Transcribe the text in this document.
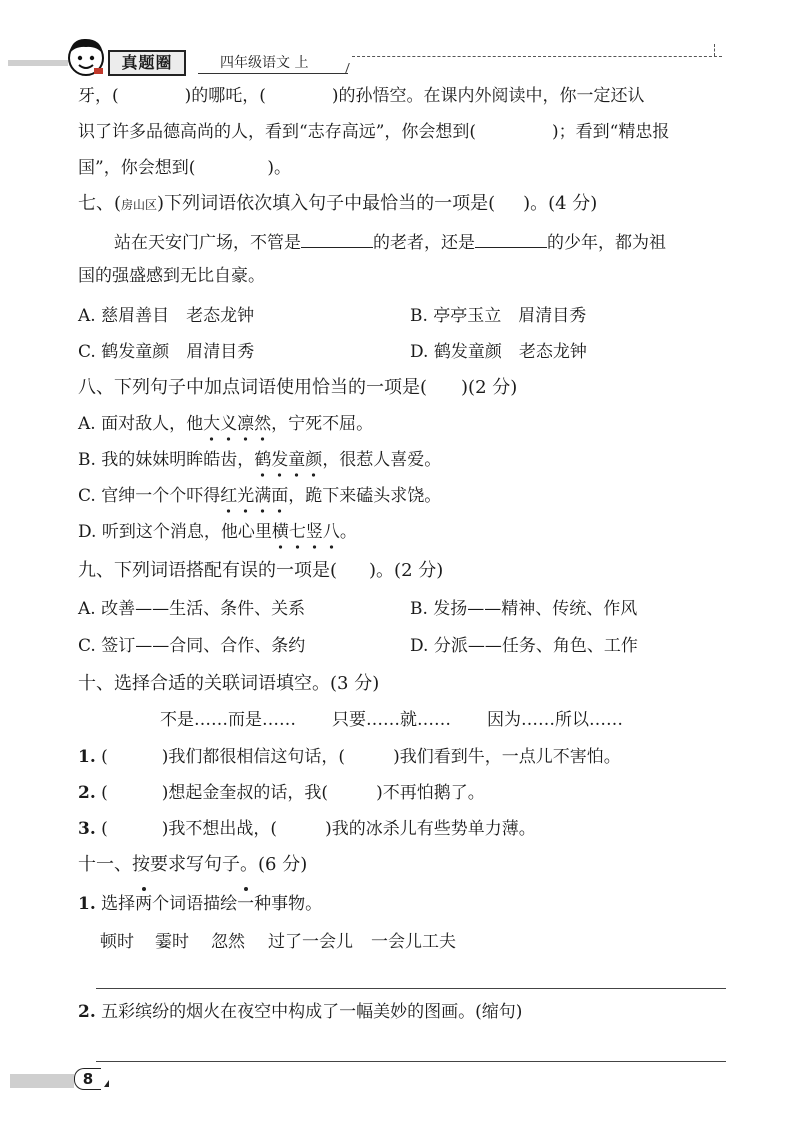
真题圈	四年级语文 上
牙，(	)的哪吒，(	)的孙悟空。在课内外阅读中，你一定还认
识了许多品德高尚的人，看到“志存高远”，你会想到(	)；看到“精忠报
国”，你会想到(	)。
七、(房山区)下列词语依次填入句子中最恰当的一项是( )。(4 分)
站在天安门广场，不管是	的老者，还是	的少年，都为祖
国的强盛感到无比自豪。
A. 慈眉善目　老态龙钟	B. 亭亭玉立　眉清目秀
C. 鹤发童颜　眉清目秀	D. 鹤发童颜　老态龙钟
八、下列句子中加点词语使用恰当的一项是( )(2 分)
A. 面对敌人，他大义凛然
，宁死不屈。
B. 我的妹妹明眸皓齿，鹤发童颜
，很惹人喜爱。
C. 官绅一个个吓得红光满面
，跪下来磕头求饶。
D. 听到这个消息，他心里横七竖八
。
九、下列词语搭配有误的一项是( )。(2 分)
A. 改善——生活、条件、关系	B. 发扬——精神、传统、作风
C. 签订——合同、合作、条约	D. 分派——任务、角色、工作
十、选择合适的关联词语填空。(3 分)
不是……而是…… 只要……就…… 因为……所以……
1. (	)我们都很相信这句话，(	)我们看到牛，一点儿不害怕。
2. (	)想起金奎叔的话，我(	)不再怕鹅了。
3. (	)我不想出战，(	)我的冰杀儿有些势单力薄。
十一、按要求写句子。(6 分)
1. 选择两个词语描绘一种事物。
顿时 霎时 忽然 过了一会儿 一会儿工夫
2. 五彩缤纷的烟火在夜空中构成了一幅美妙的图画。(缩句)
8
